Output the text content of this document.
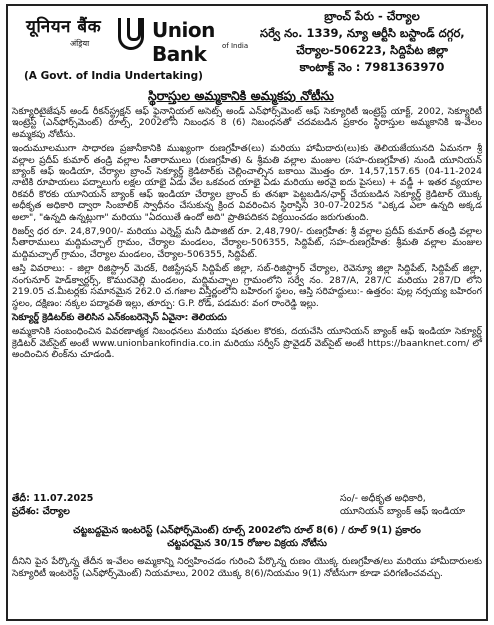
यूनियन बैंक
अंड्रिया
Union Bank	of India
(A Govt. of India Undertaking)
బ్రాంచ్ పేరు - చేర్యాల
సర్వే నం. 1339, న్యూ ఆర్టీసి బస్టాండ్ దగ్గర,
చేర్యాల-506223, సిద్దిపేట జిల్లా
కాంటాక్ట్ నెం : 7981363970
స్థిరాస్తుల అమ్మకానికి అమ్మకపు నోటీసు

సెక్యూరిటైజేషన్ అండ్ రీకన్‌స్ట్రక్షన్ ఆఫ్ ఫైనాన్షియల్ అసెట్స్ అండ్ ఎన్‌ఫోర్స్‌మెంట్ ఆఫ్ సెక్యూరిటీ ఇంట్రెస్ట్ యాక్ట్, 2002, సెక్యూరిటీ ఇంట్రెస్ట్ (ఎన్‌ఫోర్స్‌మెంట్) రూల్స్, 2002లోని నిబంధన 8 (6) నిబంధనతో చదవబడిన ప్రకారం స్థిరాస్తుల అమ్మకానికి ఇ-వేలం అమ్మకపు నోటీసు.

ఇందుమూలముగా సాధారణ ప్రజానీకానికి ముఖ్యంగా రుణగ్రహీత(లు) మరియు హామీదారు(లు)కు తెలియజేయునది ఏమనగా శ్రీ వల్లాల ప్రదీప్ కుమార్ తండ్రి వల్లాల సీతారాములు (రుణగ్రహీత) & శ్రీమతి వల్లాల మంజుల (సహ-రుణగ్రహీత) నుండి యూనియన్ బ్యాంక్ ఆఫ్ ఇండియా, చేర్యాల బ్రాంచ్ సెక్యూర్డ్ క్రెడిటార్‌కు చెల్లించాల్సిన బకాయి మొత్తం రూ. 14,57,157.65 (04-11-2024 నాటికి రూపాయలు పద్నాలుగు లక్షల యాభై ఏడు వేల ఒకవంద యాభై ఏడు మరియు అరవై ఐదు పైసలు) + వడ్డీ + ఇతర వ్యయాల రికవరీ కొరకు యూనియన్ బ్యాంక్ ఆఫ్ ఇండియా చేర్యాల బ్రాంచ్ కు తనఖా పెట్టబడిన/ఛార్జ్ చేయబడిన సెక్యూర్డ్ క్రెడిటార్ యొక్క అధీకృత అధికారి ద్వారా సింబాలిక్ స్వాధీనం చేసుకున్న క్రింద వివరించిన స్థిరాస్తిని 30-07-2025న "ఎక్కడ ఎలా ఉన్నది అక్కడ అలా", "ఉన్నది ఉన్నట్లుగా" మరియు "ఏదయితే ఉందో అది" ప్రాతిపదికన విక్రయించడం జరుగుతుంది.

రిజర్వ్ ధర రూ. 24,87,900/- మరియు ఎర్నెస్ట్ మనీ డిపాజిట్ రూ. 2,48,790/- రుణగ్రహీత: శ్రీ వల్లాల ప్రదీప్ కుమార్ తండ్రి వల్లాల సీతారాములు మద్దిమచ్చాల్ గ్రామం, చేర్యాల మండలం, చేర్యాల-506355, సిద్దిపేట్, సహ-రుణగ్రహీత: శ్రీమతి వల్లాల మంజుల మద్దిమచ్చాల్ గ్రామం, చేర్యాల మండలం, చేర్యాల-506355, సిద్దిపేట్.

ఆస్తి వివరాలు: - జిల్లా రిజిస్ట్రార్ మెదక్, రిజిస్ట్రేషన్ సిద్దిపేట్ జిల్లా, సబ్-రిజిస్ట్రార్ చేర్యాల, రెవెన్యూ జిల్లా సిద్దిపేట్, సిద్దిపేట్ జిల్లా, నంగునూర్ హెడ్‌క్వార్టర్స్, కొమురవెల్లి మండలం, మద్దిమచ్చాల గ్రామంలోని సర్వే నం. 287/A, 287/C మరియు 287/D లోని 219.05 చ.మీటర్లకు సమానమైన 262.0 చ.గజాల విస్తీర్ణంలోని బహిరంగ స్థలం, ఆస్తి సరిహద్దులు:- ఉత్తరం: పుల్ల నర్సయ్య బహిరంగ స్థలం, దక్షిణం: నక్కల పద్మావతి ఇల్లు, తూర్పు: G.P. రోడ్, పడమర: వంగ రాంరెడ్డి ఇల్లు.

సెక్యూర్డ్ క్రెడిటర్‌కు తెలిసిన ఎన్‌కంబరెన్సెస్ ఏవైనా: తెలియదు

అమ్మకానికి సంబంధించిన వివరణాత్మక నిబంధనలు మరియు షరతుల కొరకు, దయచేసి యూనియన్ బ్యాంక్ ఆఫ్ ఇండియా సెక్యూర్డ్ క్రెడిటర్ వెబ్‌సైట్ అంటే www.unionbankofindia.co.in మరియు సర్వీస్ ప్రొవైడర్ వెబ్‌సైట్ అంటే https://baanknet.com/ లో అందించిన లింక్‌ను చూడండి.

తేదీ: 11.07.2025
ప్రదేశం: చేర్యాల
సం/- అధీకృత అధికారి,
యూనియన్ బ్యాంక్ ఆఫ్ ఇండియా
చట్టబద్దమైన ఇంటరెస్ట్ (ఎన్‌ఫోర్స్‌మెంట్) రూల్స్ 2002లోని రూల్ 8(6) / రూల్ 9(1) ప్రకారం
చట్టపరమైన 30/15 రోజుల విక్రయ నోటీసు
దీనిని పైన పేర్కొన్న తేదీన ఇ-వేలం అమ్మకాన్ని నిర్వహించడం గురించి పేర్కొన్న రుణం యొక్క రుణగ్రహీత/లు మరియు హామీదారులకు సెక్యూరిటీ ఇంటరెస్ట్ (ఎన్‌ఫోర్స్‌మెంట్) నియమాలు, 2002 యొక్క 8(6)/నియమం 9(1) నోటీసుగా కూడా పరిగణించవచ్చు.
